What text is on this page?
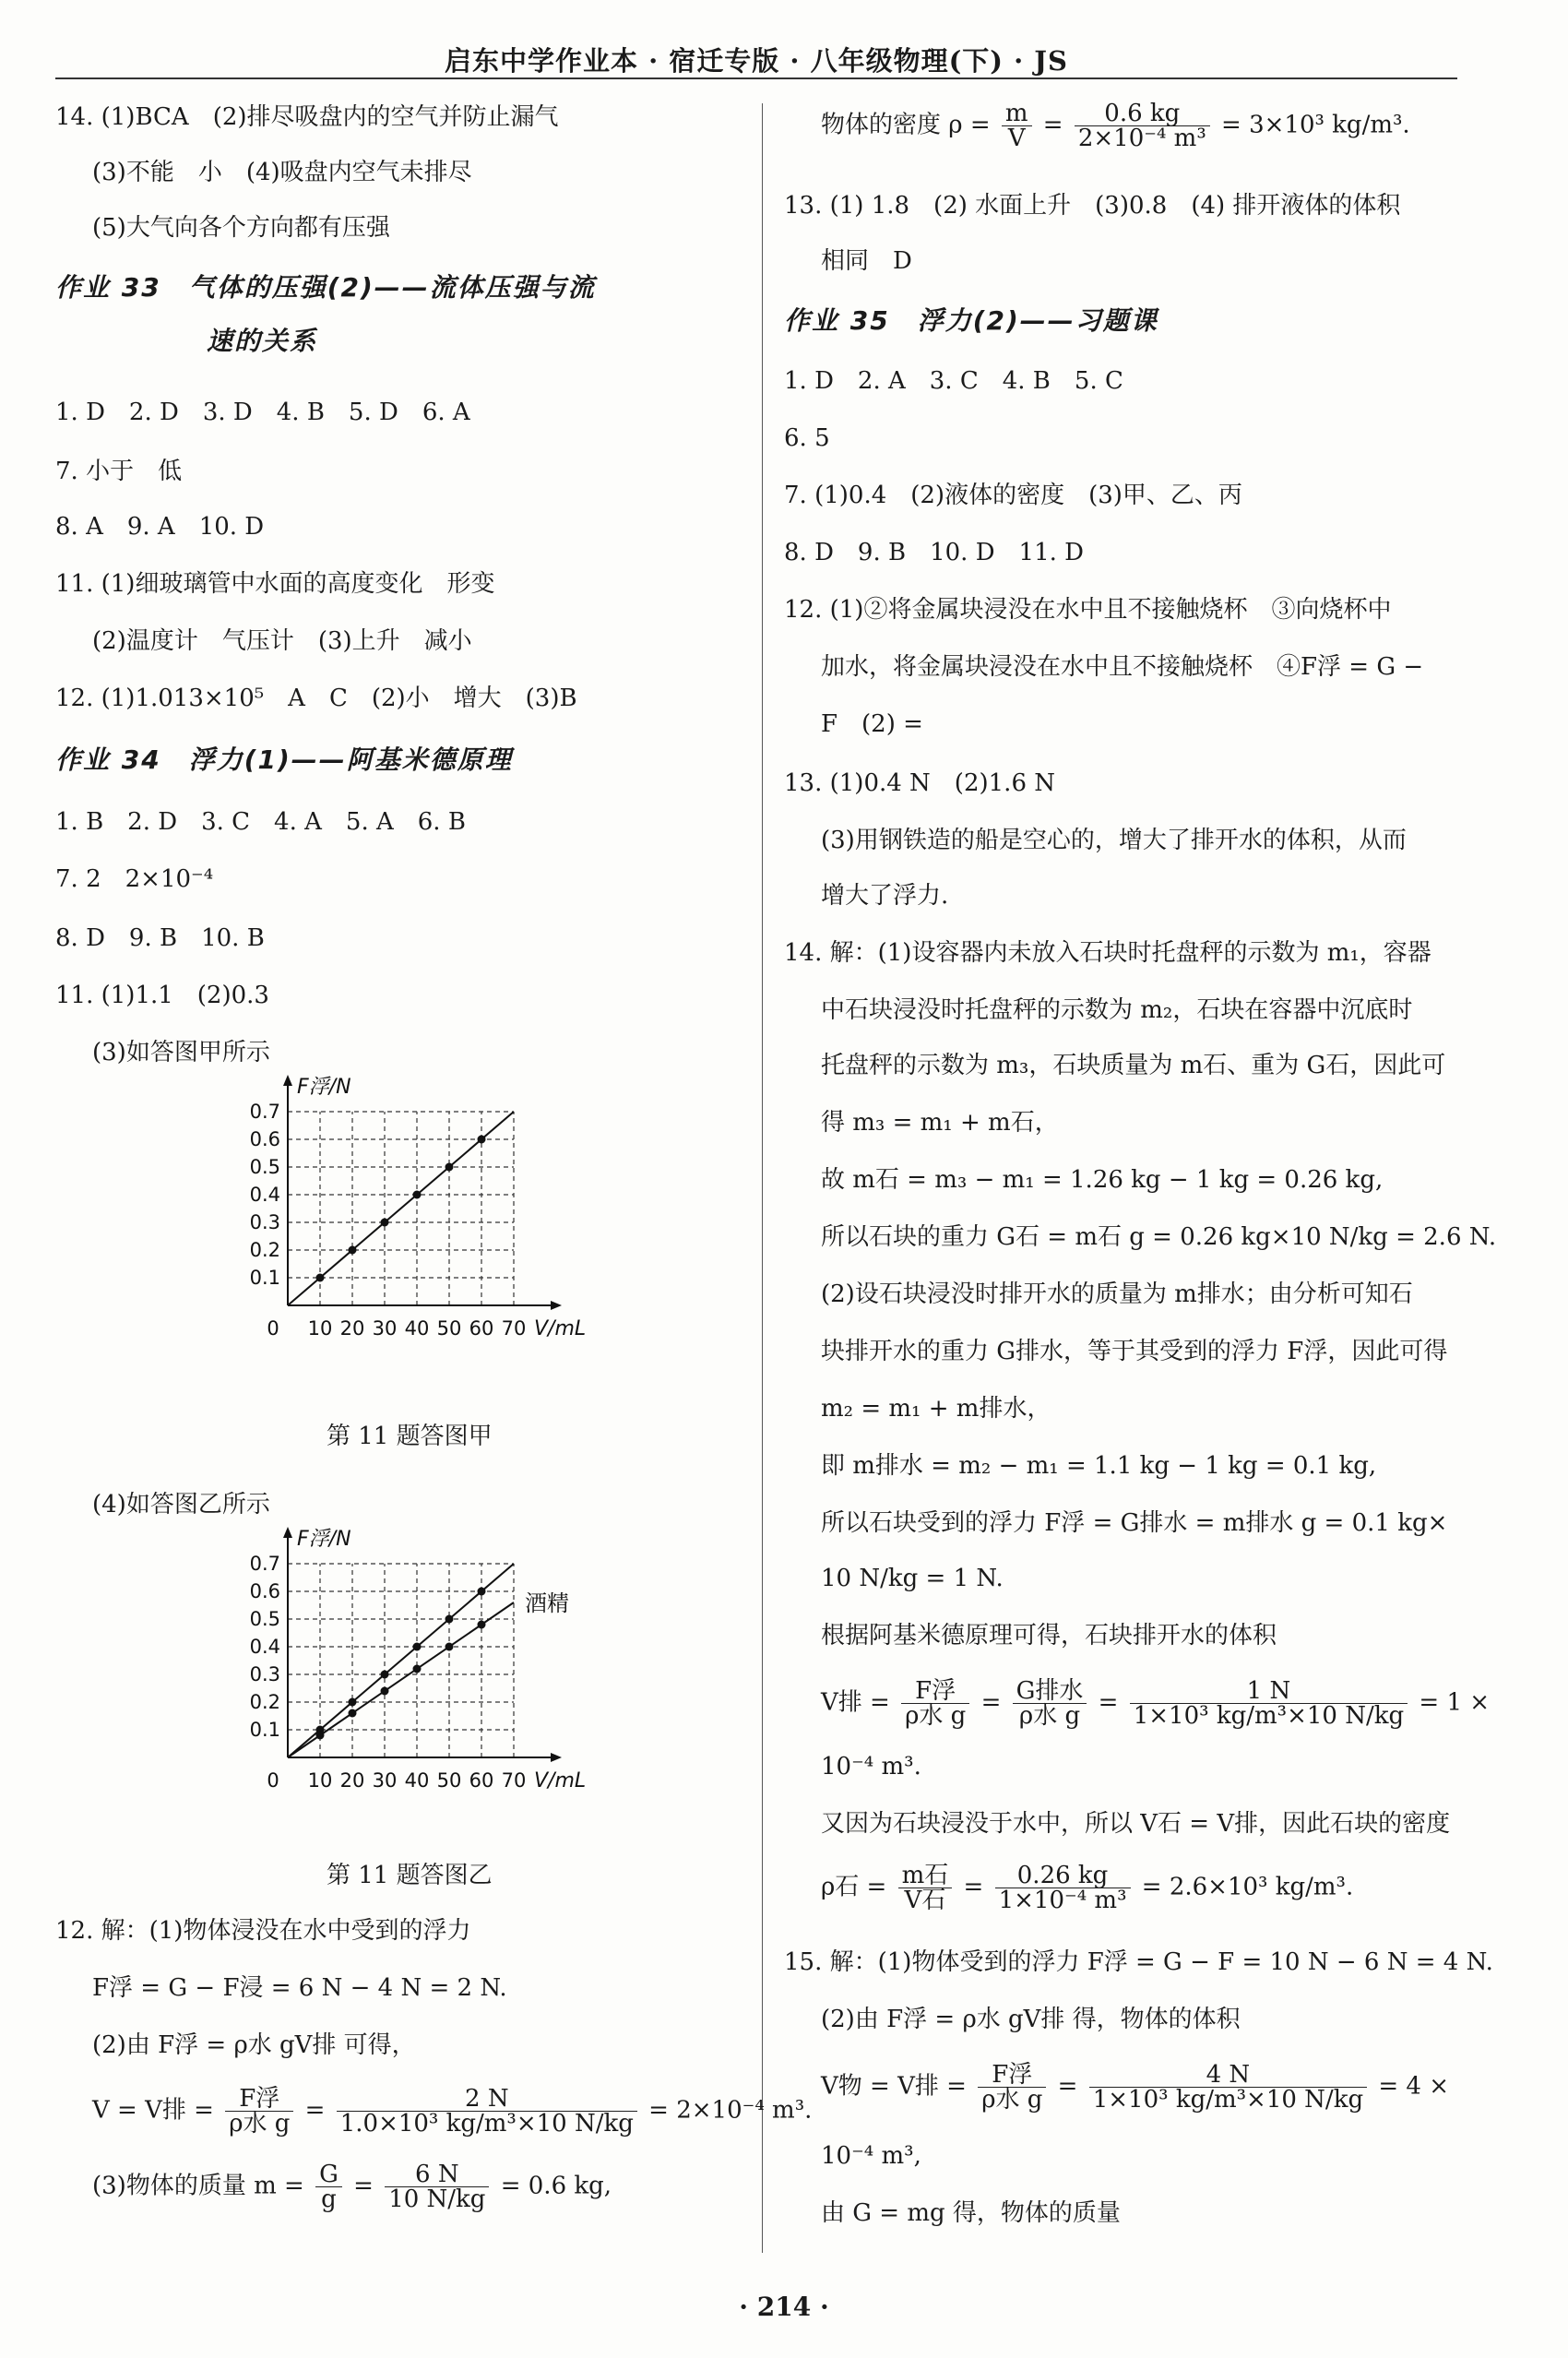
启东中学作业本 · 宿迁专版 · 八年级物理(下) · JS
14. (1)BCA　(2)排尽吸盘内的空气并防止漏气
(3)不能　小　(4)吸盘内空气未排尽
(5)大气向各个方向都有压强
作业 33　气体的压强(2)——流体压强与流
速的关系
1. D　2. D　3. D　4. B　5. D　6. A
7. 小于　低
8. A　9. A　10. D
11. (1)细玻璃管中水面的高度变化　形变
(2)温度计　气压计　(3)上升　减小
12. (1)1.013×10⁵　A　C　(2)小　增大　(3)B
作业 34　浮力(1)——阿基米德原理
1. B　2. D　3. C　4. A　5. A　6. B
7. 2　2×10⁻⁴
8. D　9. B　10. B
11. (1)1.1　(2)0.3
(3)如答图甲所示
0.1
0.2
0.3
0.4
0.5
0.6
0.7
0 10 20 30 40 50 60 70
F浮/N
V/mL
第 11 题答图甲
(4)如答图乙所示
0.1
0.2
0.3
0.4
0.5
0.6
0.7
0 10 20 30 40 50 60 70
F浮/N
V/mL
酒精
第 11 题答图乙
12. 解：(1)物体浸没在水中受到的浮力
F浮 = G − F浸 = 6 N − 4 N = 2 N.
(2)由 F浮 = ρ水 gV排 可得，
V = V排 = $\frac{\text{F浮}}{\text{ρ水 g}} = \frac{2 N}{\text{1.0×10³ kg/m³×10 N/kg}} = 2\times 10^{-4}$ m³.
(3)物体的质量 $m = \frac{G}{g} = \frac{6 N}{10 N/kg} = 0.6$ kg,
物体的密度 $\rho = \frac{m}{V} = \frac{0.6 kg}{\text{2×10⁻⁴ m³}} = 3\times 10^3$ kg/m³.
13. (1) 1.8　(2) 水面上升　(3)0.8　(4) 排开液体的体积
相同　D
作业 35　浮力(2)——习题课
1. D　2. A　3. C　4. B　5. C
6. 5
7. (1)0.4　(2)液体的密度　(3)甲、乙、丙
8. D　9. B　10. D　11. D
12. (1)②将金属块浸没在水中且不接触烧杯　③向烧杯中
加水，将金属块浸没在水中且不接触烧杯　④F浮 = G −
F　(2) =
13. (1)0.4 N　(2)1.6 N
(3)用钢铁造的船是空心的，增大了排开水的体积，从而
增大了浮力.
14. 解：(1)设容器内未放入石块时托盘秤的示数为 m₁，容器
中石块浸没时托盘秤的示数为 m₂，石块在容器中沉底时
托盘秤的示数为 m₃，石块质量为 m石、重为 G石，因此可
得 m₃ = m₁ + m石，
故 m石 = m₃ − m₁ = 1.26 kg − 1 kg = 0.26 kg,
所以石块的重力 G石 = m石 g = 0.26 kg×10 N/kg = 2.6 N.
(2)设石块浸没时排开水的质量为 m排水；由分析可知石
块排开水的重力 G排水，等于其受到的浮力 F浮，因此可得
m₂ = m₁ + m排水，
即 m排水 = m₂ − m₁ = 1.1 kg − 1 kg = 0.1 kg,
所以石块受到的浮力 F浮 = G排水 = m排水 g = 0.1 kg×
10 N/kg = 1 N.
根据阿基米德原理可得，石块排开水的体积
V排 = $\frac{\text{F浮}}{\text{ρ水 g}} = \frac{\text{G排水}}{\text{ρ水 g}} = \frac{1 N}{\text{1×10³ kg/m³×10 N/kg}} = 1$ ×
10⁻⁴ m³.
又因为石块浸没于水中，所以 V石 = V排，因此石块的密度
ρ石 = $\frac{\text{m石}}{\text{V石}} = \frac{0.26 kg}{\text{1×10⁻⁴ m³}} = 2.6\times 10^3$ kg/m³.
15. 解：(1)物体受到的浮力 F浮 = G − F = 10 N − 6 N = 4 N.
(2)由 F浮 = ρ水 gV排 得，物体的体积
V物 = V排 = $\frac{\text{F浮}}{\text{ρ水 g}} = \frac{4 N}{\text{1×10³ kg/m³×10 N/kg}} = 4$ ×
10⁻⁴ m³,
由 G = mg 得，物体的质量
· 214 ·
